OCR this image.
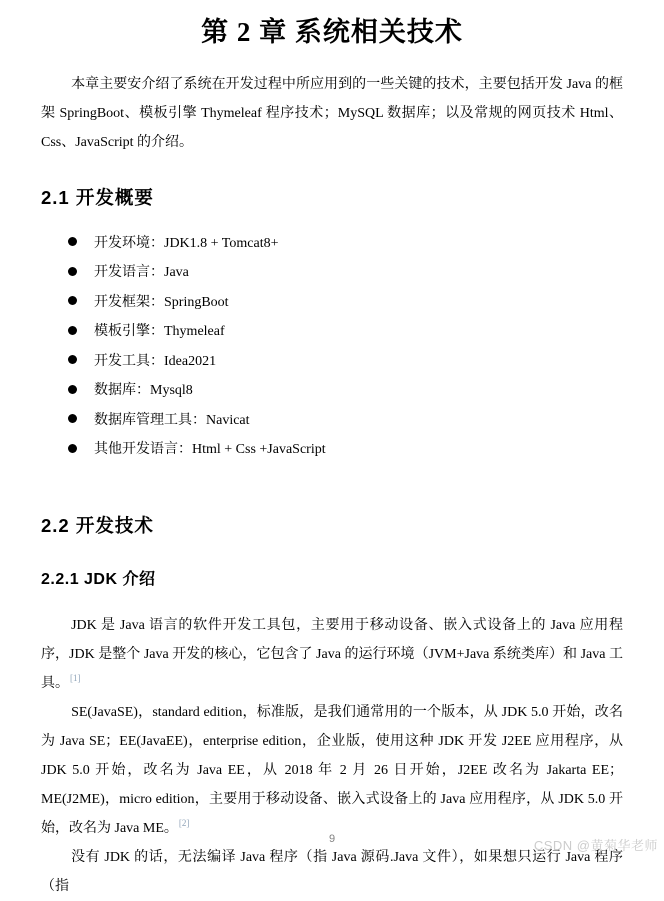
第 2 章 系统相关技术

本章主要安介绍了系统在开发过程中所应用到的一些关键的技术，主要包括开发 Java 的框架 SpringBoot、模板引擎 Thymeleaf 程序技术；MySQL 数据库；以及常规的网页技术 Html、Css、JavaScript 的介绍。

2.1 开发概要
开发环境：JDK1.8 + Tomcat8+
开发语言：Java
开发框架：SpringBoot
模板引擎：Thymeleaf
开发工具：Idea2021
数据库：Mysql8
数据库管理工具：Navicat
其他开发语言：Html + Css +JavaScript
2.2 开发技术
2.2.1 JDK 介绍

JDK 是 Java 语言的软件开发工具包，主要用于移动设备、嵌入式设备上的 Java 应用程序，JDK 是整个 Java 开发的核心，它包含了 Java 的运行环境（JVM+Java 系统类库）和 Java 工具。[1]

SE(JavaSE)，standard edition，标准版，是我们通常用的一个版本，从 JDK 5.0 开始，改名为 Java SE；EE(JavaEE)，enterprise edition，企业版，使用这种 JDK 开发 J2EE 应用程序，从 JDK 5.0 开始，改名为 Java EE，从 2018 年 2 月 26 日开始，J2EE 改名为 Jakarta EE；ME(J2ME)，micro edition，主要用于移动设备、嵌入式设备上的 Java 应用程序，从 JDK 5.0 开始，改名为 Java ME。[2]

没有 JDK 的话，无法编译 Java 程序（指 Java 源码.Java 文件），如果想只运行 Java 程序（指

9	CSDN @黄菊华老师
